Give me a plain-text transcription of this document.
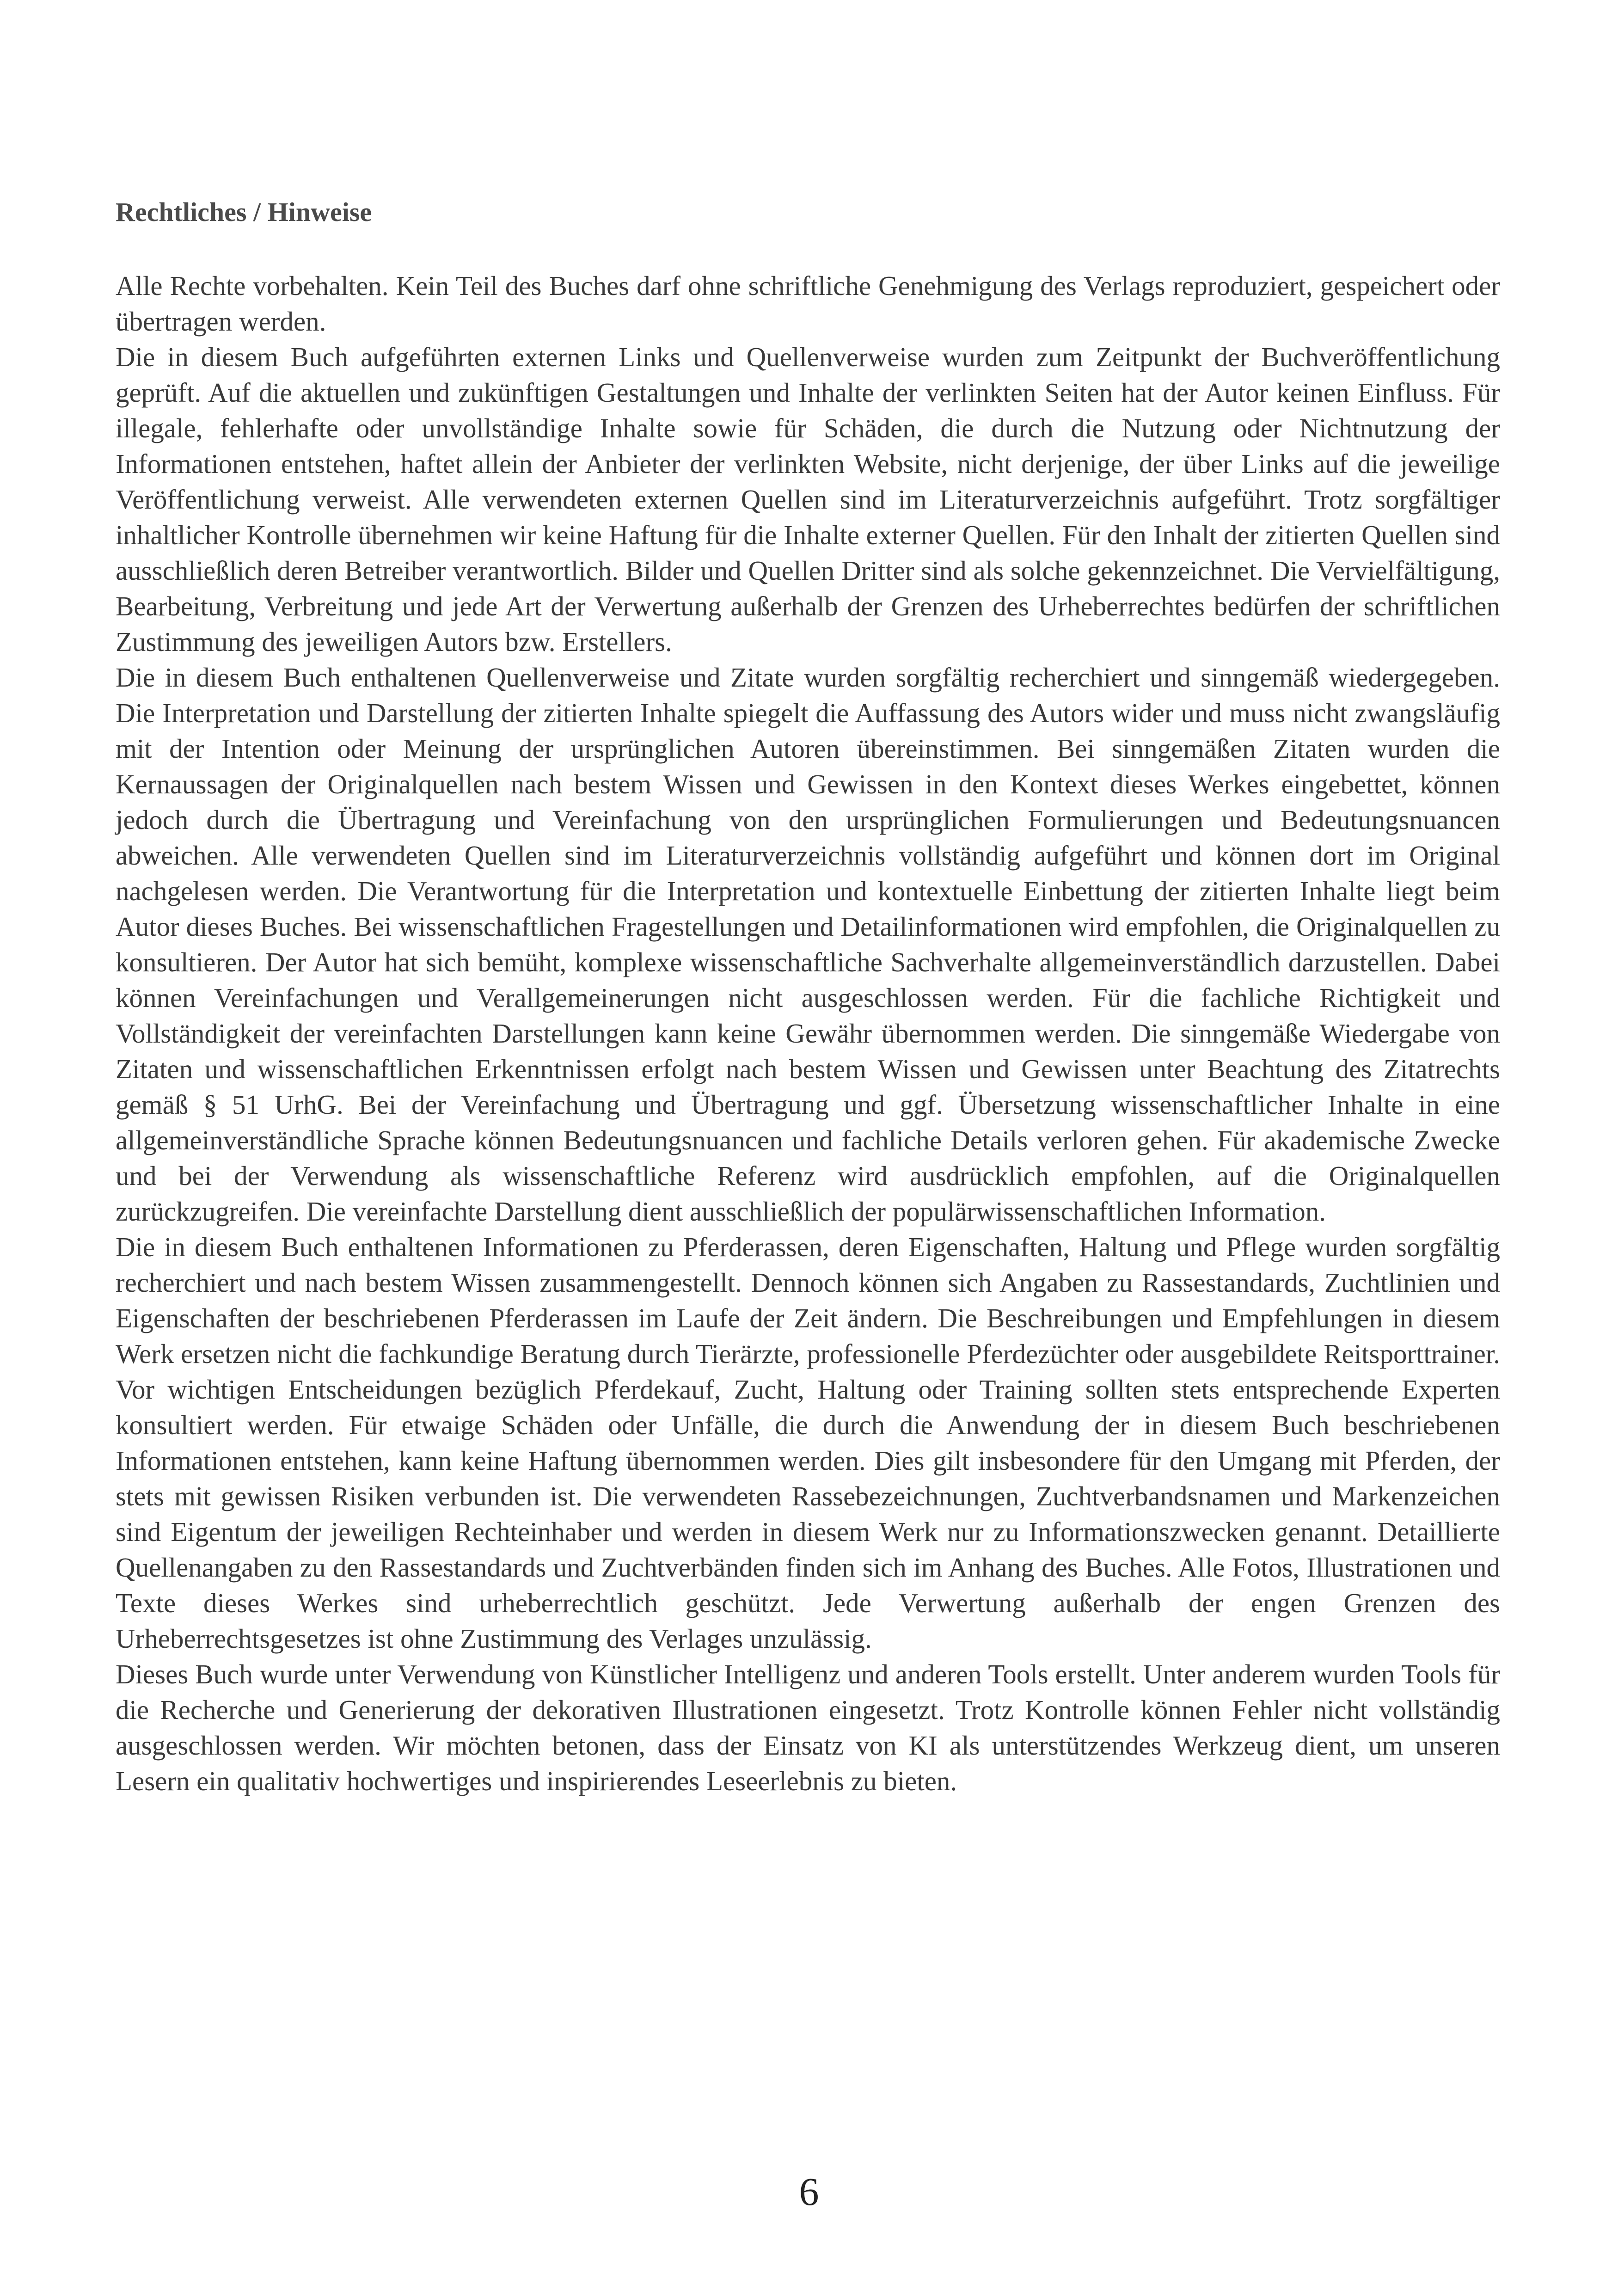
Rechtliches / Hinweise

Alle Rechte vorbehalten. Kein Teil des Buches darf ohne schriftliche Genehmigung des Verlags reproduziert, gespeichert oder übertragen werden.

Die in diesem Buch aufgeführten externen Links und Quellenverweise wurden zum Zeitpunkt der Buchveröffentlichung geprüft. Auf die aktuellen und zukünftigen Gestaltungen und Inhalte der verlinkten Seiten hat der Autor keinen Einfluss. Für illegale, fehlerhafte oder unvollständige Inhalte sowie für Schäden, die durch die Nutzung oder Nichtnutzung der Informationen entstehen, haftet allein der Anbieter der verlinkten Website, nicht derjenige, der über Links auf die jeweilige Veröffentlichung verweist. Alle verwendeten externen Quellen sind im Literaturverzeichnis aufgeführt. Trotz sorgfältiger inhaltlicher Kontrolle übernehmen wir keine Haftung für die Inhalte externer Quellen. Für den Inhalt der zitierten Quellen sind ausschließlich deren Betreiber verantwortlich. Bilder und Quellen Dritter sind als solche gekennzeichnet. Die Vervielfältigung, Bearbeitung, Verbreitung und jede Art der Verwertung außerhalb der Grenzen des Urheberrechtes bedürfen der schriftlichen Zustimmung des jeweiligen Autors bzw. Erstellers.

Die in diesem Buch enthaltenen Quellenverweise und Zitate wurden sorgfältig recherchiert und sinngemäß wiedergegeben. Die Interpretation und Darstellung der zitierten Inhalte spiegelt die Auffassung des Autors wider und muss nicht zwangsläufig mit der Intention oder Meinung der ursprünglichen Autoren übereinstimmen. Bei sinngemäßen Zitaten wurden die Kernaussagen der Originalquellen nach bestem Wissen und Gewissen in den Kontext dieses Werkes eingebettet, können jedoch durch die Übertragung und Vereinfachung von den ursprünglichen Formulierungen und Bedeutungsnuancen abweichen. Alle verwendeten Quellen sind im Literaturverzeichnis vollständig aufgeführt und können dort im Original nachgelesen werden. Die Verantwortung für die Interpretation und kontextuelle Einbettung der zitierten Inhalte liegt beim Autor dieses Buches. Bei wissenschaftlichen Fragestellungen und Detailinformationen wird empfohlen, die Originalquellen zu konsultieren. Der Autor hat sich bemüht, komplexe wissenschaftliche Sachverhalte allgemeinverständlich darzustellen. Dabei können Vereinfachungen und Verallgemeinerungen nicht ausgeschlossen werden. Für die fachliche Richtigkeit und Vollständigkeit der vereinfachten Darstellungen kann keine Gewähr übernommen werden. Die sinngemäße Wiedergabe von Zitaten und wissenschaftlichen Erkenntnissen erfolgt nach bestem Wissen und Gewissen unter Beachtung des Zitatrechts gemäß § 51 UrhG. Bei der Vereinfachung und Übertragung und ggf. Übersetzung wissenschaftlicher Inhalte in eine allgemeinverständliche Sprache können Bedeutungsnuancen und fachliche Details verloren gehen. Für akademische Zwecke und bei der Verwendung als wissenschaftliche Referenz wird ausdrücklich empfohlen, auf die Originalquellen zurückzugreifen. Die vereinfachte Darstellung dient ausschließlich der populärwissenschaftlichen Information.

Die in diesem Buch enthaltenen Informationen zu Pferderassen, deren Eigenschaften, Haltung und Pflege wurden sorgfältig recherchiert und nach bestem Wissen zusammengestellt. Dennoch können sich Angaben zu Rassestandards, Zuchtlinien und Eigenschaften der beschriebenen Pferderassen im Laufe der Zeit ändern. Die Beschreibungen und Empfehlungen in diesem Werk ersetzen nicht die fachkundige Beratung durch Tierärzte, professionelle Pferdezüchter oder ausgebildete Reitsporttrainer. Vor wichtigen Entscheidungen bezüglich Pferdekauf, Zucht, Haltung oder Training sollten stets entsprechende Experten konsultiert werden. Für etwaige Schäden oder Unfälle, die durch die Anwendung der in diesem Buch beschriebenen Informationen entstehen, kann keine Haftung übernommen werden. Dies gilt insbesondere für den Umgang mit Pferden, der stets mit gewissen Risiken verbunden ist. Die verwendeten Rassebezeichnungen, Zuchtverbandsnamen und Markenzeichen sind Eigentum der jeweiligen Rechteinhaber und werden in diesem Werk nur zu Informationszwecken genannt. Detaillierte Quellenangaben zu den Rassestandards und Zuchtverbänden finden sich im Anhang des Buches. Alle Fotos, Illustrationen und Texte dieses Werkes sind urheberrechtlich geschützt. Jede Verwertung außerhalb der engen Grenzen des Urheberrechtsgesetzes ist ohne Zustimmung des Verlages unzulässig.

Dieses Buch wurde unter Verwendung von Künstlicher Intelligenz und anderen Tools erstellt. Unter anderem wurden Tools für die Recherche und Generierung der dekorativen Illustrationen eingesetzt. Trotz Kontrolle können Fehler nicht vollständig ausgeschlossen werden. Wir möchten betonen, dass der Einsatz von KI als unterstützendes Werkzeug dient, um unseren Lesern ein qualitativ hochwertiges und inspirierendes Leseerlebnis zu bieten.

6
